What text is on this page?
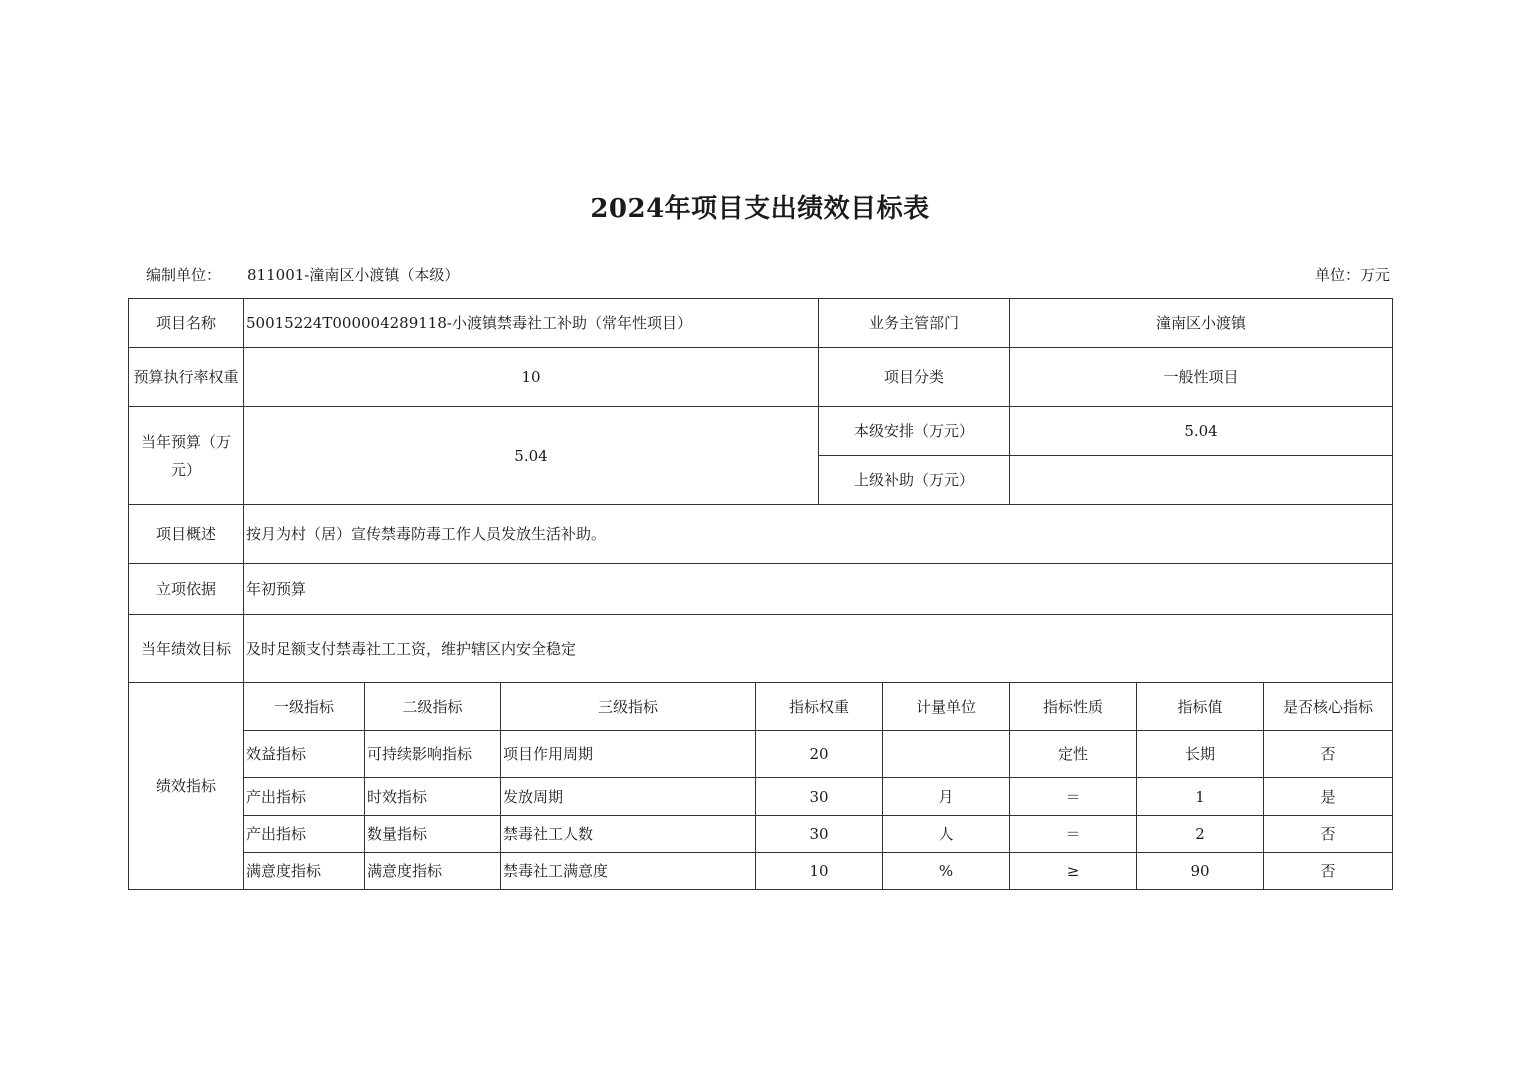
2024年项目支出绩效目标表
编制单位： 811001-潼南区小渡镇（本级）	单位：万元
项目名称	50015224T000004289118-小渡镇禁毒社工补助（常年性项目）				业务主管部门		潼南区小渡镇		
预算执行率权重	10				项目分类		一般性项目		
当年预算（万元）	5.04				本级安排（万元）		5.04		
					上级补助（万元）				
项目概述	按月为村（居）宣传禁毒防毒工作人员发放生活补助。								
立项依据	年初预算								
当年绩效目标	及时足额支付禁毒社工工资，维护辖区内安全稳定								
绩效指标	一级指标	二级指标	三级指标	指标权重		计量单位	指标性质	指标值	是否核心指标
	效益指标	可持续影响指标	项目作用周期	20			定性	长期	否
	产出指标	时效指标	发放周期	30		月	＝	1	是
	产出指标	数量指标	禁毒社工人数	30		人	＝	2	否
	满意度指标	满意度指标	禁毒社工满意度	10		%	≥	90	否
